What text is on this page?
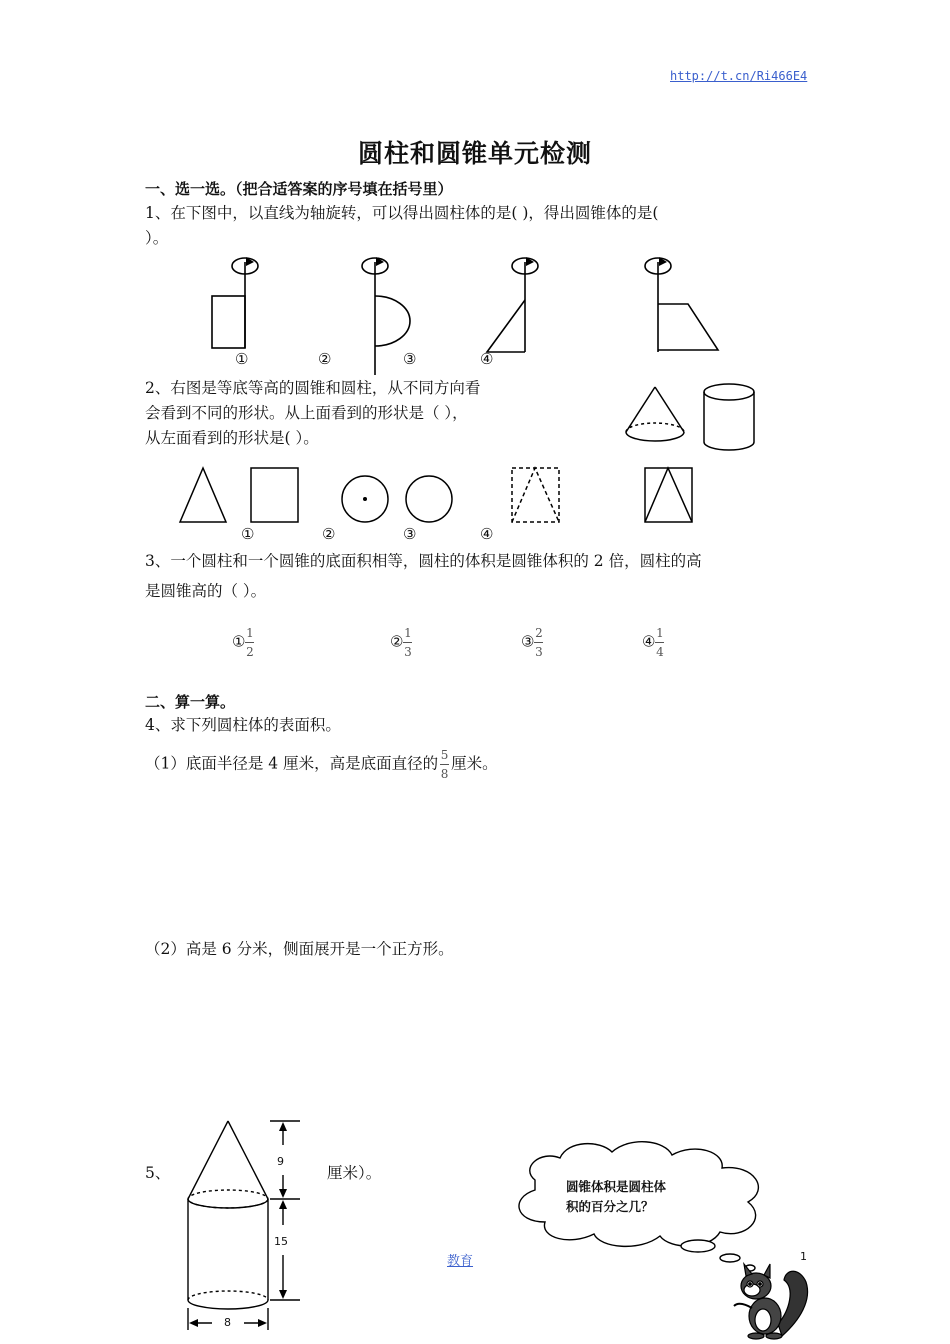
http://t.cn/Ri466E4
圆柱和圆锥单元检测
一、选一选。（把合适答案的序号填在括号里）
1、在下图中，以直线为轴旋转，可以得出圆柱体的是( )，得出圆锥体的是(
）。
①	②	③	④
2、右图是等底等高的圆锥和圆柱，从不同方向看
会看到不同的形状。从上面看到的形状是（ ），
从左面看到的形状是( ）。
①	②	③	④
3、一个圆柱和一个圆锥的底面积相等，圆柱的体积是圆锥体积的 2 倍，圆柱的高
是圆锥高的（ ）。
① $\frac{1}{2}$	② $\frac{1}{3}$	③ $\frac{2}{3}$	④ $\frac{1}{4}$
二、算一算。
4、求下列圆柱体的表面积。
（1）底面半径是 4 厘米，高是底面直径的 $\frac{5}{8}$ 厘米。
（2）高是 6 分米，侧面展开是一个正方形。
5、
9
15
8
厘米）。
圆锥体积是圆柱体
积的百分之几？
教育	1
